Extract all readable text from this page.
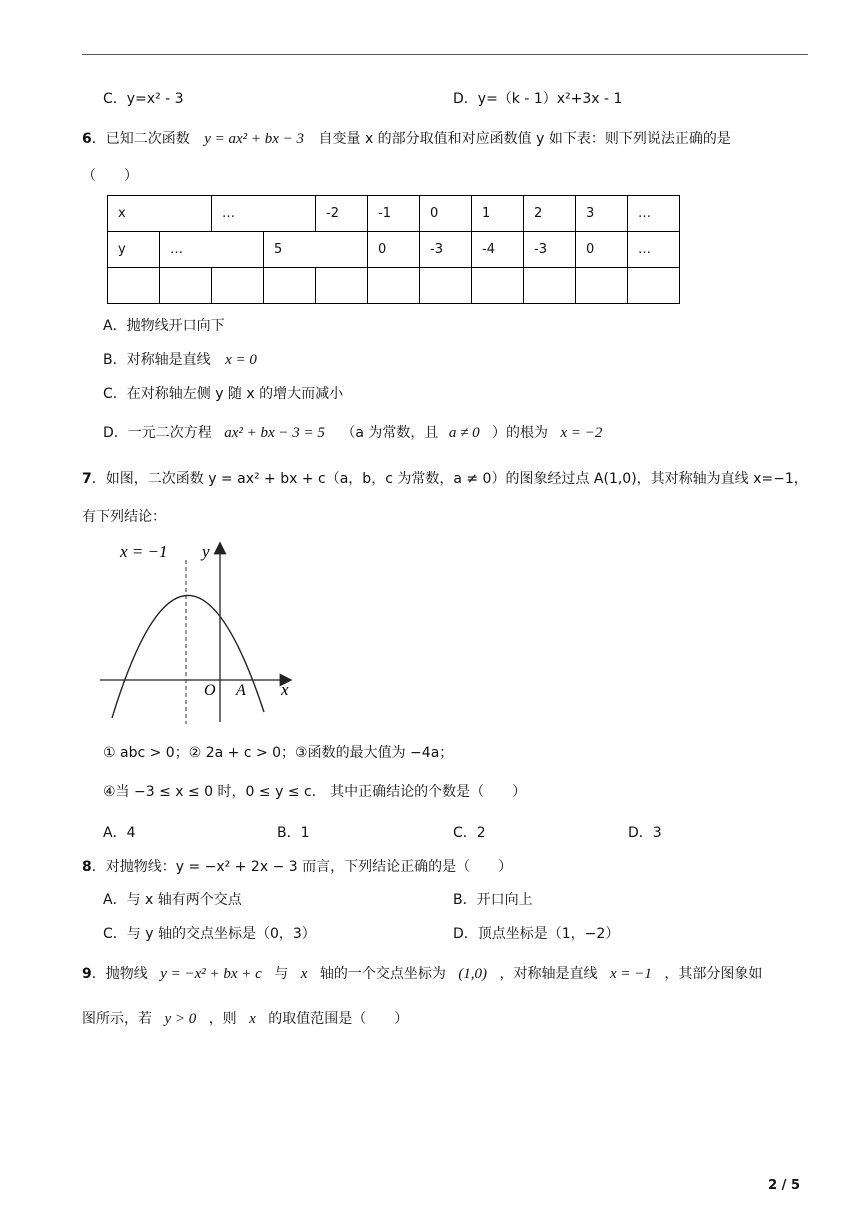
C．y=x² ‑ 3	D．y=（k ‑ 1）x²+3x ‑ 1
6．已知二次函数 y = ax² + bx − 3 自变量 x 的部分取值和对应函数值 y 如下表：则下列说法正确的是
（　　）
x		…		-2	-1	0	1	2	3	…
y	…		5		0	-3	-4	-3	0	…

A．抛物线开口向下
B．对称轴是直线 x = 0
C．在对称轴左侧 y 随 x 的增大而减小
D．一元二次方程 ax² + bx − 3 = 5 （a 为常数，且 a ≠ 0 ）的根为 x = −2
7．如图，二次函数 y = ax² + bx + c（a，b，c 为常数，a ≠ 0）的图象经过点 A(1,0)，其对称轴为直线 x=−1，
有下列结论：
x = −1 y
O A x
① abc > 0；② 2a + c > 0；③函数的最大值为 −4a；
④当 −3 ≤ x ≤ 0 时，0 ≤ y ≤ c． 其中正确结论的个数是（　　）
A．4	B．1	C．2	D．3
8．对抛物线：y = −x² + 2x − 3 而言，下列结论正确的是（　　）
A．与 x 轴有两个交点	B．开口向上
C．与 y 轴的交点坐标是（0，3）	D．顶点坐标是（1，−2）
9．抛物线 y = −x² + bx + c 与 x 轴的一个交点坐标为 (1,0) ，对称轴是直线 x = −1 ，其部分图象如
图所示，若 y > 0 ，则 x 的取值范围是（　　）
2 / 5
